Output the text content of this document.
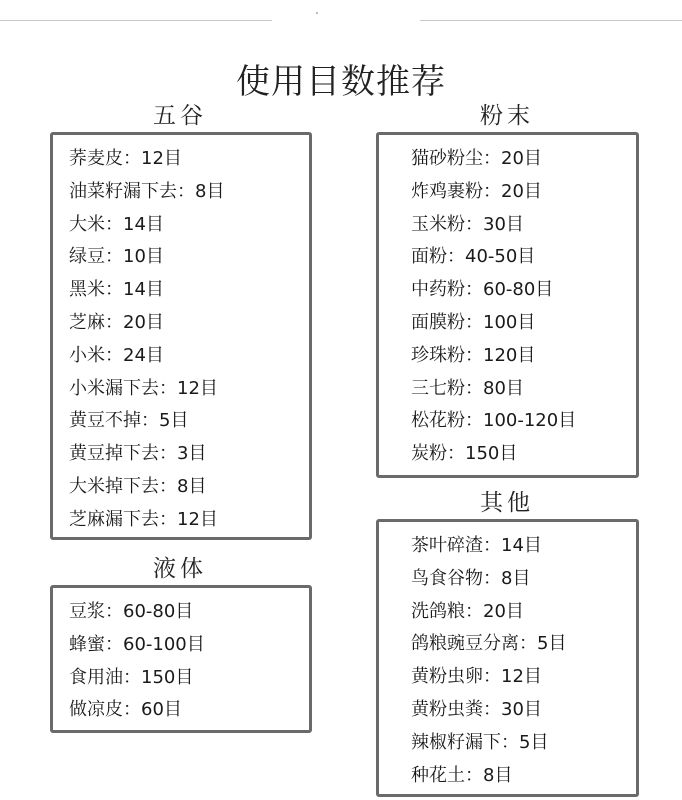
使用目数推荐
五谷
荞麦皮：12目
油菜籽漏下去：8目
大米：14目
绿豆：10目
黑米：14目
芝麻：20目
小米：24目
小米漏下去：12目
黄豆不掉：5目
黄豆掉下去：3目
大米掉下去：8目
芝麻漏下去：12目
粉末
猫砂粉尘：20目
炸鸡裹粉：20目
玉米粉：30目
面粉：40-50目
中药粉：60-80目
面膜粉：100目
珍珠粉：120目
三七粉：80目
松花粉：100-120目
炭粉：150目
液体
豆浆：60-80目
蜂蜜：60-100目
食用油：150目
做凉皮：60目
其他
茶叶碎渣：14目
鸟食谷物：8目
洗鸽粮：20目
鸽粮豌豆分离：5目
黄粉虫卵：12目
黄粉虫粪：30目
辣椒籽漏下：5目
种花土：8目
